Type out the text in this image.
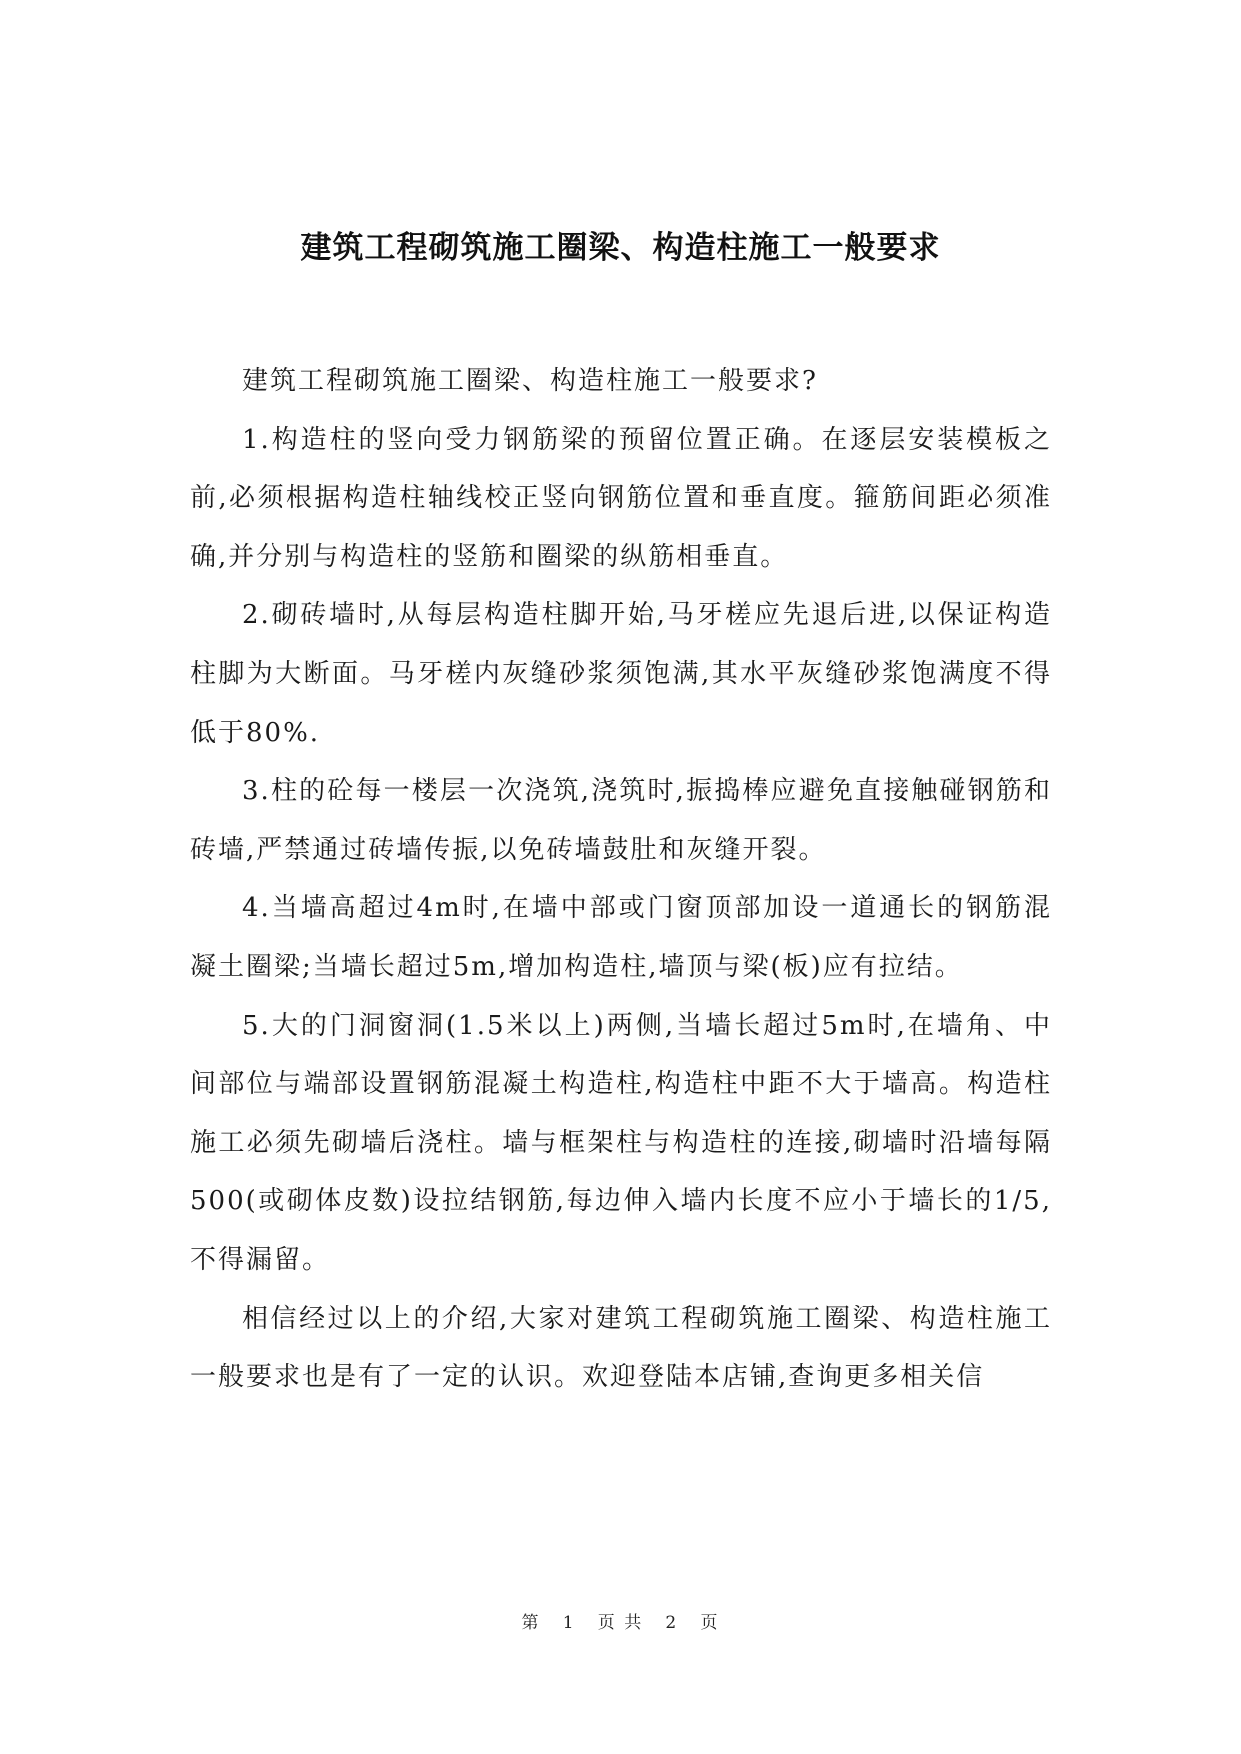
建筑工程砌筑施工圈梁、构造柱施工一般要求

建筑工程砌筑施工圈梁、构造柱施工一般要求?

1.构造柱的竖向受力钢筋梁的预留位置正确。在逐层安装模板之前,必须根据构造柱轴线校正竖向钢筋位置和垂直度。箍筋间距必须准确,并分别与构造柱的竖筋和圈梁的纵筋相垂直。

2.砌砖墙时,从每层构造柱脚开始,马牙槎应先退后进,以保证构造柱脚为大断面。马牙槎内灰缝砂浆须饱满,其水平灰缝砂浆饱满度不得低于80%.

3.柱的砼每一楼层一次浇筑,浇筑时,振捣棒应避免直接触碰钢筋和砖墙,严禁通过砖墙传振,以免砖墙鼓肚和灰缝开裂。

4.当墙高超过4m时,在墙中部或门窗顶部加设一道通长的钢筋混凝土圈梁;当墙长超过5m,增加构造柱,墙顶与梁(板)应有拉结。

5.大的门洞窗洞(1.5米以上)两侧,当墙长超过5m时,在墙角、中间部位与端部设置钢筋混凝土构造柱,构造柱中距不大于墙高。构造柱施工必须先砌墙后浇柱。墙与框架柱与构造柱的连接,砌墙时沿墙每隔500(或砌体皮数)设拉结钢筋,每边伸入墙内长度不应小于墙长的1/5,不得漏留。

相信经过以上的介绍,大家对建筑工程砌筑施工圈梁、构造柱施工一般要求也是有了一定的认识。欢迎登陆本店铺,查询更多相关信

第 1 页 共 2 页
